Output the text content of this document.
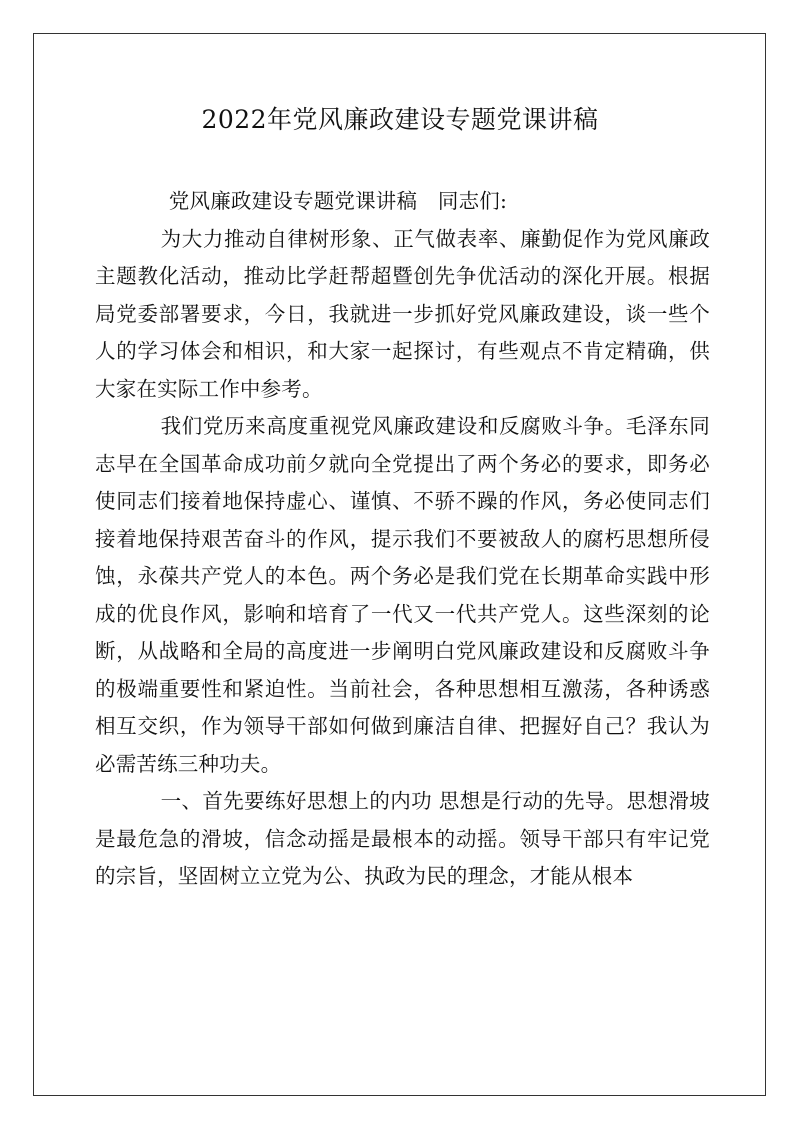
2022年党风廉政建设专题党课讲稿

党风廉政建设专题党课讲稿　同志们:

为大力推动自律树形象、正气做表率、廉勤促作为党风廉政主题教化活动，推动比学赶帮超暨创先争优活动的深化开展。根据局党委部署要求，今日，我就进一步抓好党风廉政建设，谈一些个人的学习体会和相识，和大家一起探讨，有些观点不肯定精确，供大家在实际工作中参考。

我们党历来高度重视党风廉政建设和反腐败斗争。毛泽东同志早在全国革命成功前夕就向全党提出了两个务必的要求，即务必使同志们接着地保持虚心、谨慎、不骄不躁的作风，务必使同志们接着地保持艰苦奋斗的作风，提示我们不要被敌人的腐朽思想所侵蚀，永葆共产党人的本色。两个务必是我们党在长期革命实践中形成的优良作风，影响和培育了一代又一代共产党人。这些深刻的论断，从战略和全局的高度进一步阐明白党风廉政建设和反腐败斗争的极端重要性和紧迫性。当前社会，各种思想相互激荡，各种诱惑相互交织，作为领导干部如何做到廉洁自律、把握好自己？我认为必需苦练三种功夫。

一、首先要练好思想上的内功 思想是行动的先导。思想滑坡是最危急的滑坡，信念动摇是最根本的动摇。领导干部只有牢记党的宗旨，坚固树立立党为公、执政为民的理念，才能从根本
